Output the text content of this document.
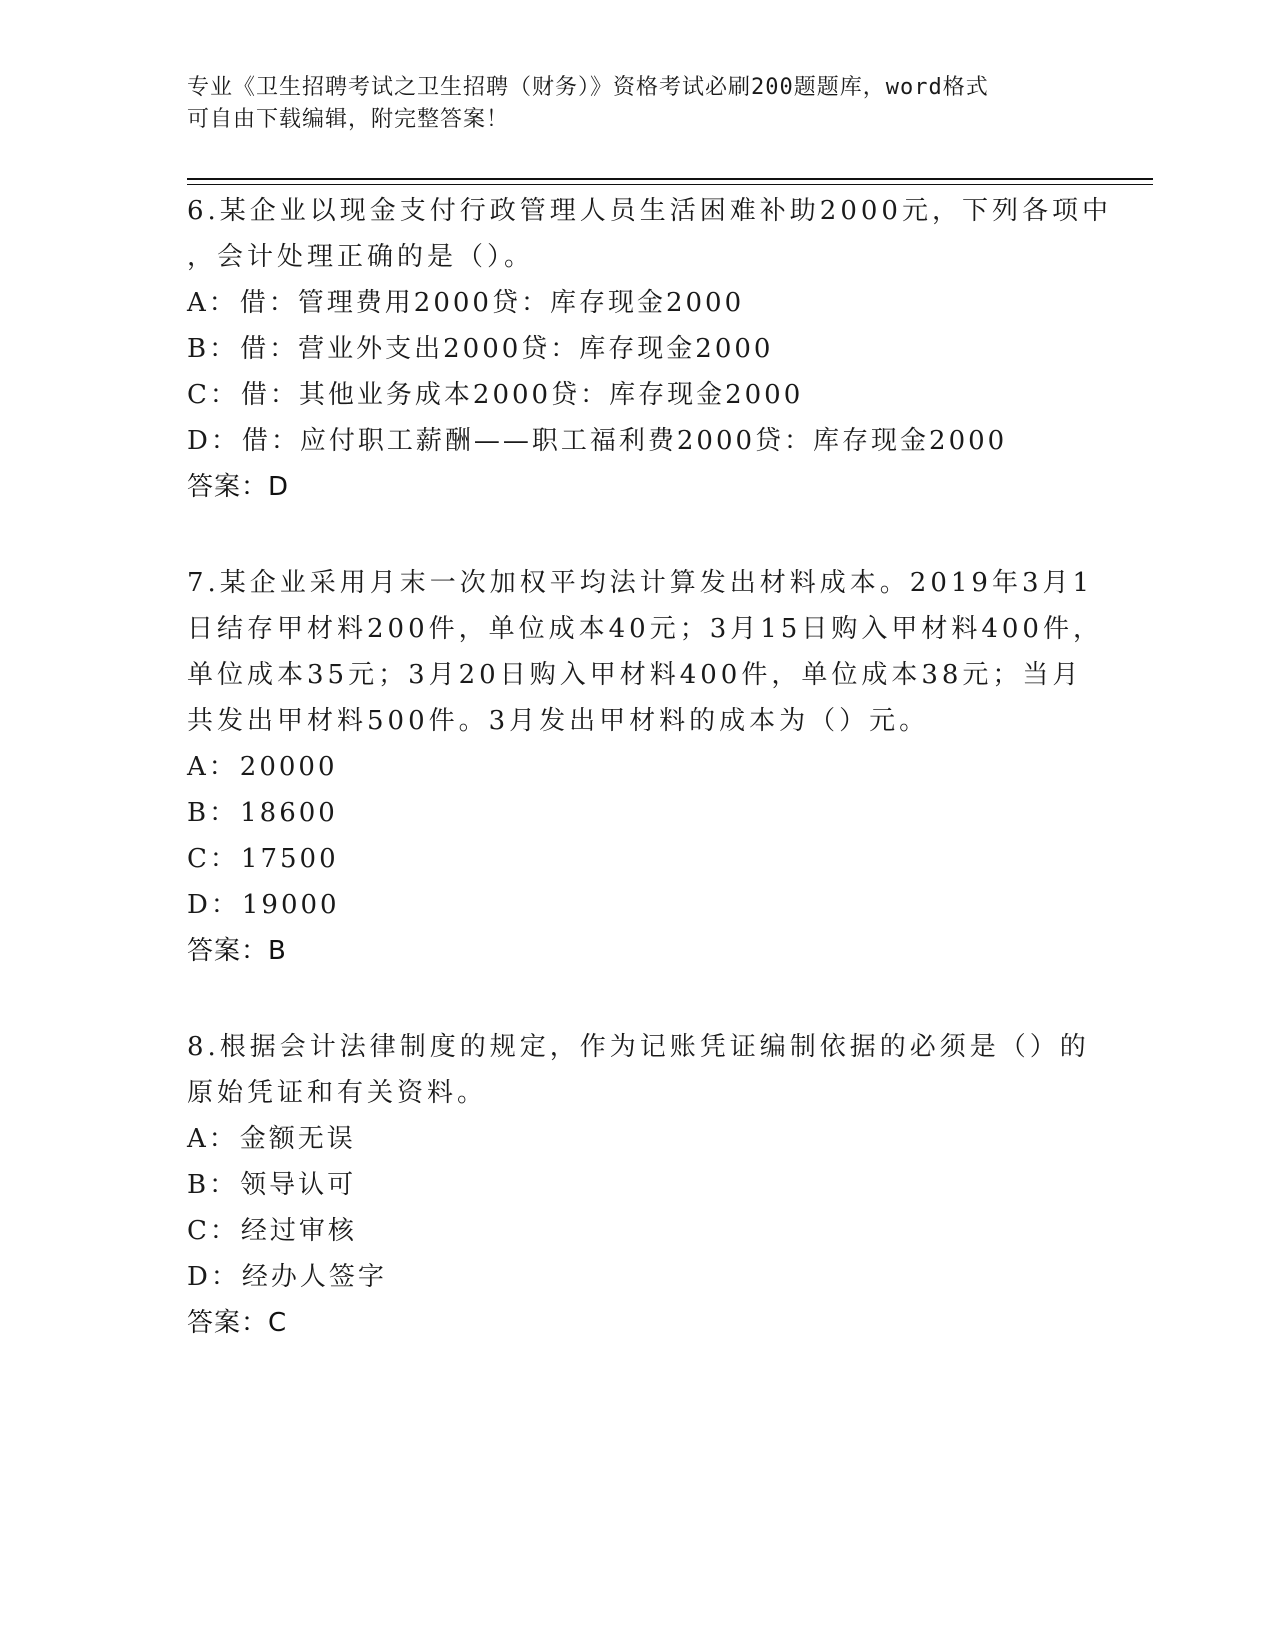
专业《卫生招聘考试之卫生招聘（财务）》资格考试必刷200题题库，word格式
可自由下载编辑，附完整答案！
6.某企业以现金支付行政管理人员生活困难补助2000元，下列各项中
，会计处理正确的是（）。
A：借：管理费用2000贷：库存现金2000
B：借：营业外支出2000贷：库存现金2000
C：借：其他业务成本2000贷：库存现金2000
D：借：应付职工薪酬——职工福利费2000贷：库存现金2000
答案：D
7.某企业采用月末一次加权平均法计算发出材料成本。2019年3月1
日结存甲材料200件，单位成本40元；3月15日购入甲材料400件，
单位成本35元；3月20日购入甲材料400件，单位成本38元；当月
共发出甲材料500件。3月发出甲材料的成本为（）元。
A：20000
B：18600
C：17500
D：19000
答案：B
8.根据会计法律制度的规定，作为记账凭证编制依据的必须是（）的
原始凭证和有关资料。
A：金额无误
B：领导认可
C：经过审核
D：经办人签字
答案：C
